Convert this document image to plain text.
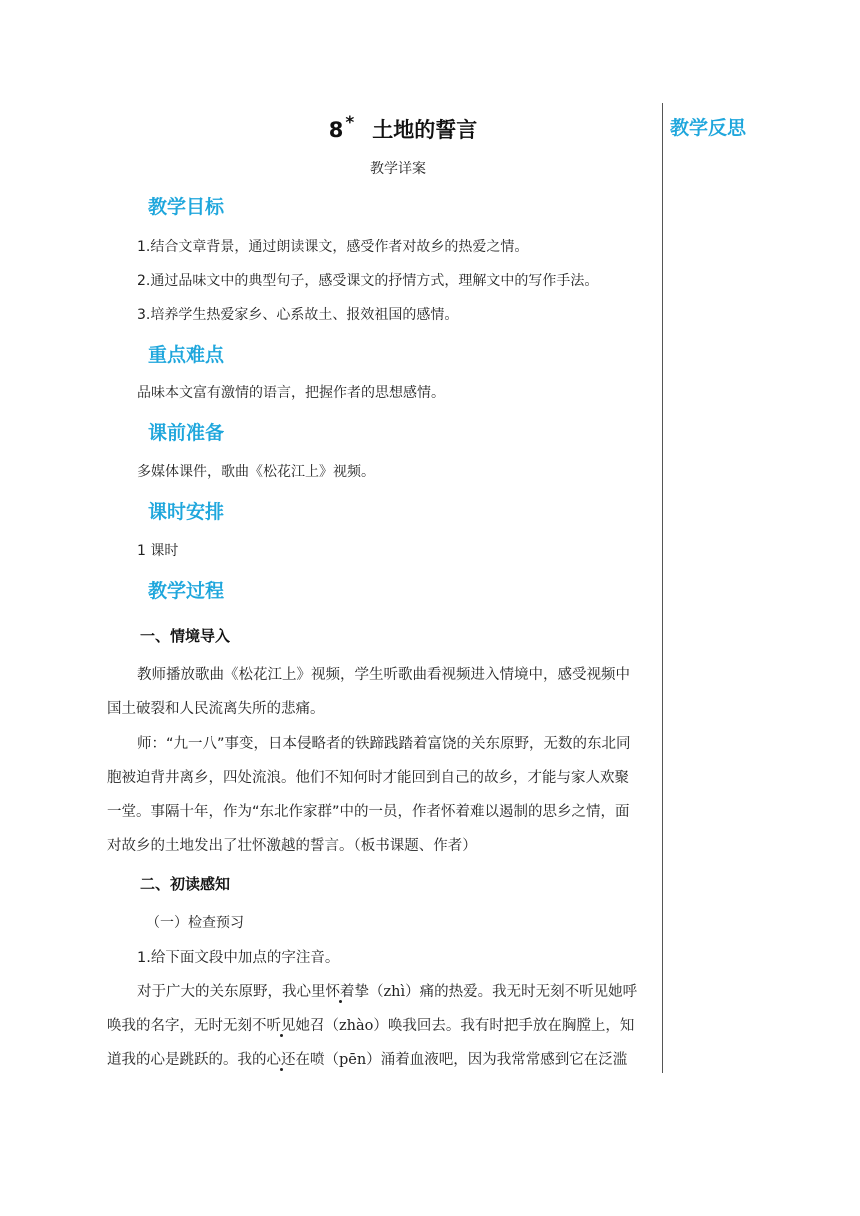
教学反思
8 * 土地的誓言
教学详案
教学目标
1.结合文章背景，通过朗读课文，感受作者对故乡的热爱之情。
2.通过品味文中的典型句子，感受课文的抒情方式，理解文中的写作手法。
3.培养学生热爱家乡、心系故土、报效祖国的感情。
重点难点
品味本文富有激情的语言，把握作者的思想感情。
课前准备
多媒体课件，歌曲《松花江上》视频。
课时安排
1 课时
教学过程
一、情境导入
教师播放歌曲《松花江上》视频，学生听歌曲看视频进入情境中，感受视频中
国土破裂和人民流离失所的悲痛。
师：“九一八”事变，日本侵略者的铁蹄践踏着富饶的关东原野，无数的东北同
胞被迫背井离乡，四处流浪。他们不知何时才能回到自己的故乡，才能与家人欢聚
一堂。事隔十年，作为“东北作家群”中的一员，作者怀着难以遏制的思乡之情，面
对故乡的土地发出了壮怀激越的誓言。（板书课题、作者）
二、初读感知
（一）检查预习
1.给下面文段中加点的字注音。
对于广大的关东原野，我心里怀着挚（zhì）痛的热爱。我无时无刻不听见她呼
唤我的名字，无时无刻不听见她召（zhào）唤我回去。我有时把手放在胸膛上，知
道我的心是跳跃的。我的心还在喷（pēn）涌着血液吧，因为我常常感到它在泛滥
